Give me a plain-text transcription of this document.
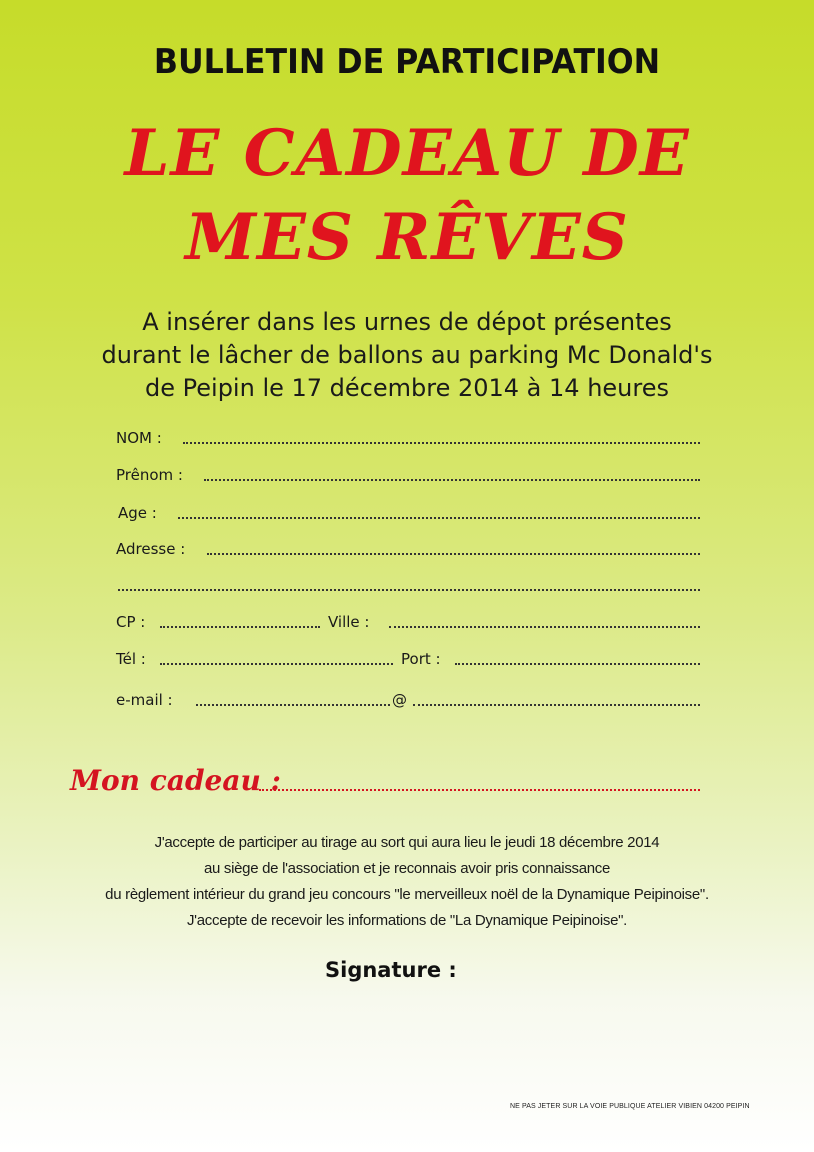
BULLETIN DE PARTICIPATION
LE CADEAU DE
MES RÊVES
A insérer dans les urnes de dépot présentes
durant le lâcher de ballons au parking Mc Donald's
de Peipin le 17 décembre 2014 à 14 heures
NOM :
Prênom :
Age :
Adresse :
CP :	Ville :
Tél :	Port :
e-mail :	@
Mon cadeau :
J'accepte de participer au tirage au sort qui aura lieu le jeudi 18 décembre 2014
au siège de l'association et je reconnais avoir pris connaissance
du règlement intérieur du grand jeu concours "le merveilleux noël de la Dynamique Peipinoise".
J'accepte de recevoir les informations de "La Dynamique Peipinoise".
Signature :
NE PAS JETER SUR LA VOIE PUBLIQUE ATELIER VIBIEN 04200 PEIPIN
